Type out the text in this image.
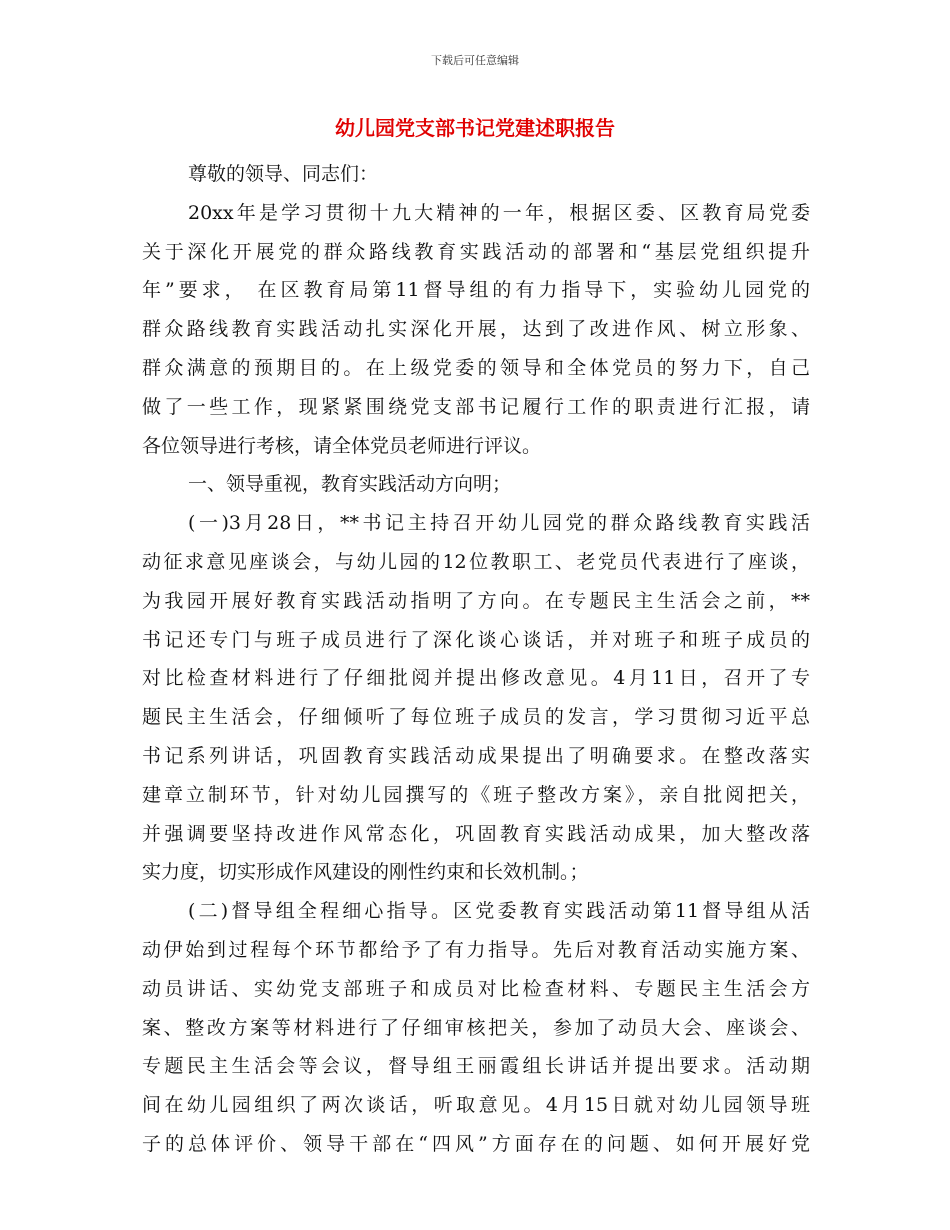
下载后可任意编辑
幼儿园党支部书记党建述职报告
尊敬的领导、同志们：
20xx年是学习贯彻十九大精神的一年，根据区委、区教育局党委
关于深化开展党的群众路线教育实践活动的部署和“基层党组织提升
年”要求， 在区教育局第11督导组的有力指导下，实验幼儿园党的
群众路线教育实践活动扎实深化开展，达到了改进作风、树立形象、
群众满意的预期目的。在上级党委的领导和全体党员的努力下，自己
做了一些工作，现紧紧围绕党支部书记履行工作的职责进行汇报，请
各位领导进行考核，请全体党员老师进行评议。
一、领导重视，教育实践活动方向明；
(一)3月28日，**书记主持召开幼儿园党的群众路线教育实践活
动征求意见座谈会，与幼儿园的12位教职工、老党员代表进行了座谈，
为我园开展好教育实践活动指明了方向。在专题民主生活会之前，**
书记还专门与班子成员进行了深化谈心谈话，并对班子和班子成员的
对比检查材料进行了仔细批阅并提出修改意见。4月11日，召开了专
题民主生活会，仔细倾听了每位班子成员的发言，学习贯彻习近平总
书记系列讲话，巩固教育实践活动成果提出了明确要求。在整改落实
建章立制环节，针对幼儿园撰写的《班子整改方案》，亲自批阅把关，
并强调要坚持改进作风常态化，巩固教育实践活动成果，加大整改落
实力度，切实形成作风建设的刚性约束和长效机制。；
(二)督导组全程细心指导。区党委教育实践活动第11督导组从活
动伊始到过程每个环节都给予了有力指导。先后对教育活动实施方案、
动员讲话、实幼党支部班子和成员对比检查材料、专题民主生活会方
案、整改方案等材料进行了仔细审核把关，参加了动员大会、座谈会、
专题民主生活会等会议，督导组王丽霞组长讲话并提出要求。活动期
间在幼儿园组织了两次谈话，听取意见。4月15日就对幼儿园领导班
子的总体评价、领导干部在“四风”方面存在的问题、如何开展好党
